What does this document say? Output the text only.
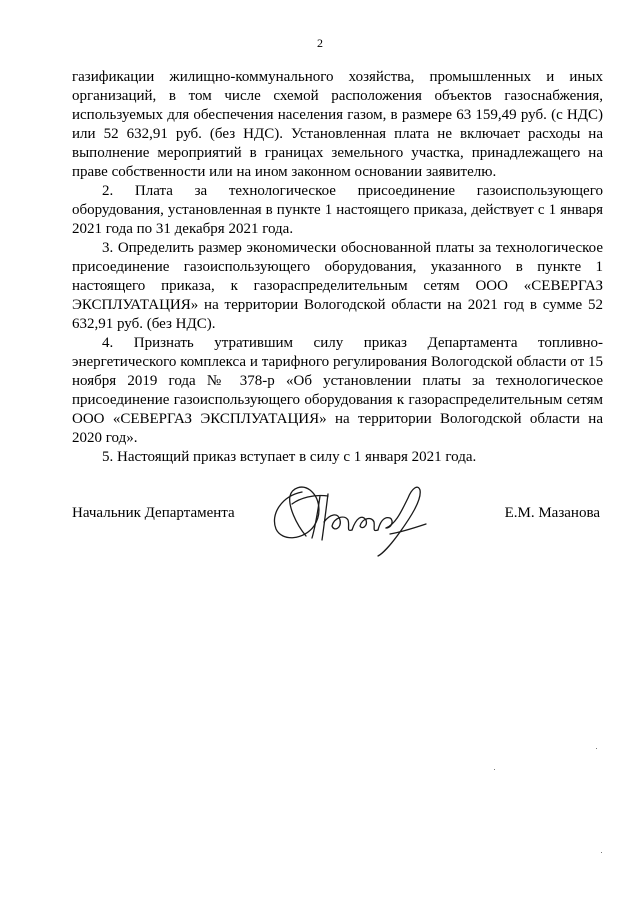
2

газификации жилищно-коммунального хозяйства, промышленных и иных организаций, в том числе схемой расположения объектов газоснабжения, используемых для обеспечения населения газом, в размере 63 159,49 руб. (с НДС) или 52 632,91 руб. (без НДС). Установленная плата не включает расходы на выполнение мероприятий в границах земельного участка, принадлежащего на праве собственности или на ином законном основании заявителю.

2. Плата за технологическое присоединение газоиспользующего оборудования, установленная в пункте 1 настоящего приказа, действует с 1 января 2021 года по 31 декабря 2021 года.

3. Определить размер экономически обоснованной платы за технологическое присоединение газоиспользующего оборудования, указанного в пункте 1 настоящего приказа, к газораспределительным сетям ООО «СЕВЕРГАЗ ЭКСПЛУАТАЦИЯ» на территории Вологодской области на 2021 год в сумме 52 632,91 руб. (без НДС).

4. Признать утратившим силу приказ Департамента топливно-энергетического комплекса и тарифного регулирования Вологодской области от 15 ноября 2019 года № 378-р «Об установлении платы за технологическое присоединение газоиспользующего оборудования к газораспределительным сетям ООО «СЕВЕРГАЗ ЭКСПЛУАТАЦИЯ» на территории Вологодской области на 2020 год».

5. Настоящий приказ вступает в силу с 1 января 2021 года.

Начальник Департамента	Е.М. Мазанова
